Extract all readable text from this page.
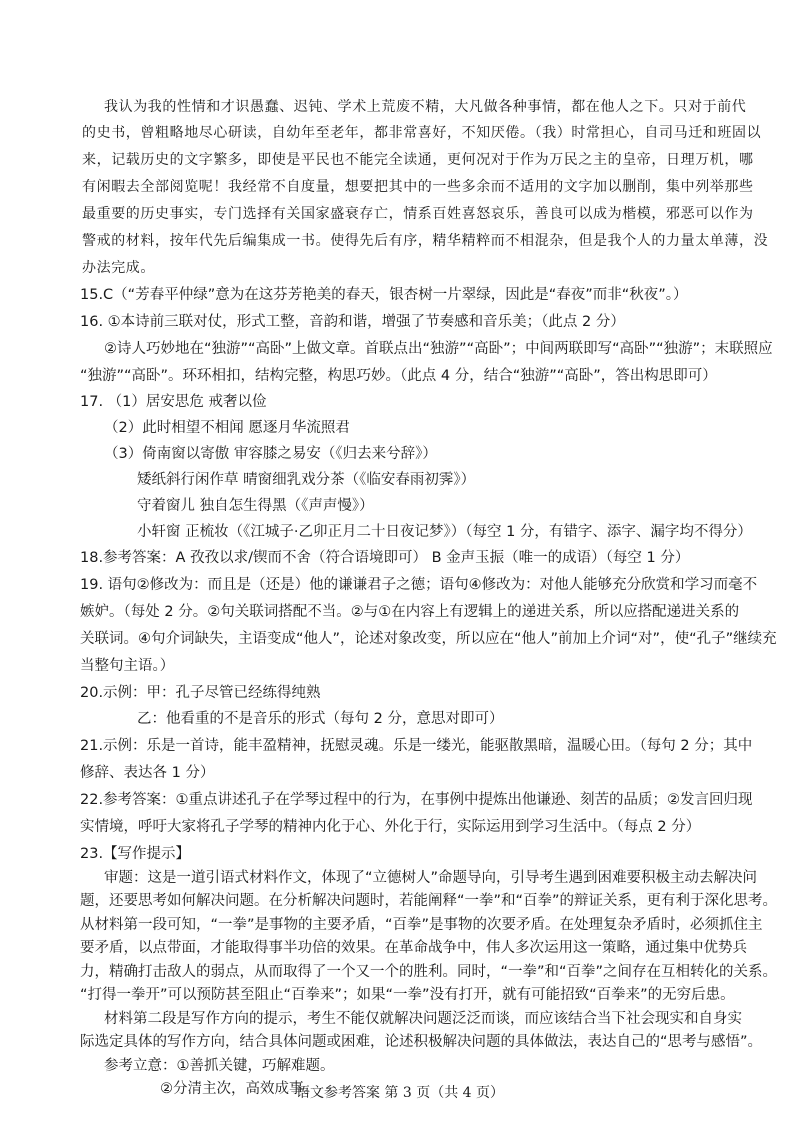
我认为我的性情和才识愚蠢、迟钝、学术上荒废不精，大凡做各种事情，都在他人之下。只对于前代
的史书，曾粗略地尽心研读，自幼年至老年，都非常喜好，不知厌倦。（我）时常担心，自司马迁和班固以
来，记载历史的文字繁多，即使是平民也不能完全读通，更何况对于作为万民之主的皇帝，日理万机，哪
有闲暇去全部阅览呢！我经常不自度量，想要把其中的一些多余而不适用的文字加以删削，集中列举那些
最重要的历史事实，专门选择有关国家盛衰存亡，情系百姓喜怒哀乐，善良可以成为楷模，邪恶可以作为
警戒的材料，按年代先后编集成一书。使得先后有序，精华精粹而不相混杂，但是我个人的力量太单薄，没
办法完成。
15.C（“芳春平仲绿”意为在这芬芳艳美的春天，银杏树一片翠绿，因此是“春夜”而非“秋夜”。）
16. ①本诗前三联对仗，形式工整，音韵和谐，增强了节奏感和音乐美；（此点 2 分）
②诗人巧妙地在“独游”“高卧”上做文章。首联点出“独游”“高卧”；中间两联即写“高卧”“独游”；末联照应
“独游”“高卧”。环环相扣，结构完整，构思巧妙。（此点 4 分，结合“独游”“高卧”，答出构思即可）
17. （1）居安思危 戒奢以俭
（2）此时相望不相闻 愿逐月华流照君
（3）倚南窗以寄傲 审容膝之易安（《归去来兮辞》）
矮纸斜行闲作草 晴窗细乳戏分茶（《临安春雨初霁》）
守着窗儿 独自怎生得黑（《声声慢》）
小轩窗 正梳妆（《江城子·乙卯正月二十日夜记梦》）（每空 1 分，有错字、添字、漏字均不得分）
18.参考答案：A 孜孜以求/锲而不舍（符合语境即可） B 金声玉振（唯一的成语）（每空 1 分）
19. 语句②修改为：而且是（还是）他的谦谦君子之德；语句④修改为：对他人能够充分欣赏和学习而毫不
嫉妒。（每处 2 分。②句关联词搭配不当。②与①在内容上有逻辑上的递进关系，所以应搭配递进关系的
关联词。④句介词缺失，主语变成“他人”，论述对象改变，所以应在“他人”前加上介词“对”，使“孔子”继续充
当整句主语。）
20.示例：甲：孔子尽管已经练得纯熟
乙：他看重的不是音乐的形式（每句 2 分，意思对即可）
21.示例：乐是一首诗，能丰盈精神，抚慰灵魂。乐是一缕光，能驱散黑暗，温暖心田。（每句 2 分；其中
修辞、表达各 1 分）
22.参考答案：①重点讲述孔子在学琴过程中的行为，在事例中提炼出他谦逊、刻苦的品质；②发言回归现
实情境，呼吁大家将孔子学琴的精神内化于心、外化于行，实际运用到学习生活中。（每点 2 分）
23.【写作提示】
审题：这是一道引语式材料作文，体现了“立德树人”命题导向，引导考生遇到困难要积极主动去解决问
题，还要思考如何解决问题。在分析解决问题时，若能阐释“一拳”和“百拳”的辩证关系，更有利于深化思考。
从材料第一段可知，“一拳”是事物的主要矛盾，“百拳”是事物的次要矛盾。在处理复杂矛盾时，必须抓住主
要矛盾，以点带面，才能取得事半功倍的效果。在革命战争中，伟人多次运用这一策略，通过集中优势兵
力，精确打击敌人的弱点，从而取得了一个又一个的胜利。同时，“一拳”和“百拳”之间存在互相转化的关系。
“打得一拳开”可以预防甚至阻止“百拳来”；如果“一拳”没有打开，就有可能招致“百拳来”的无穷后患。
材料第二段是写作方向的提示，考生不能仅就解决问题泛泛而谈，而应该结合当下社会现实和自身实
际选定具体的写作方向，结合具体问题或困难，论述积极解决问题的具体做法，表达自己的“思考与感悟”。
参考立意：①善抓关键，巧解难题。
②分清主次，高效成事。
语文参考答案 第 3 页（共 4 页）
